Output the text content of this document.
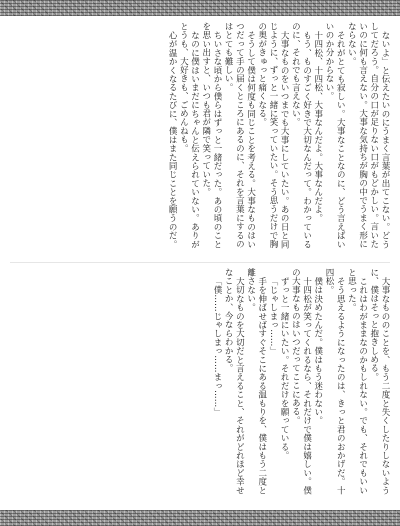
ないよ」と伝えたいのにうまく言葉が出てこない。どうしてだろう。自分の口が足りない口がもどかしい。言いたいのに何も言えない。大事な気持ちが胸の中でうまく形にならない。

それがとても寂しい。大事なことなのに、どう言えばいいのか分からない。

十四松、十四松、大事なんだよ。大事なんだよ。

もう、ものすごく好きで大切なんだって。わかっているのに、それでも言えない。

大事なものをいつまでも大事にしていたい。あの日と同じように、ずっと一緒に笑っていたい。そう思うだけで胸の奥がきゅっと痛くなる。

そうして僕は何度も同じことを考える。大事なものはいつだって手の届くところにあるのに、それを言葉にするのはとても難しい。

ちいさな頃から僕らはずっと一緒だった。あの頃のことを思い出すと、いつも君が隣で笑っていた。

なのに僕はいまだにちゃんと伝えられていない。ありがとうも、大好きも、ごめんねも。

心が温かくなるたびに、僕はまた同じことを願うのだ。

大事なもののことを、もう二度と失くしたりしないように、僕はそっと抱きしめる。

これはわがままなのかもしれない。でも、それでもいいと思った。

そう思えるようになったのは、きっと君のおかげだ。十四松。

僕は決めたんだ。僕はもう迷わない。

十四松が笑ってくれるなら、それだけで僕は嬉しい。僕の大事なものはいつだってここにある。

ずっと一緒にいたい。それだけを願っている。

「じゃしまっ……」

手を伸ばせばすぐそこにある温もりを、僕はもう二度と離さない。

大切なものを大切だと言えること、それがどれほど幸せなことか、今ならわかる。

「僕……じゃしまっ……まっ……」
